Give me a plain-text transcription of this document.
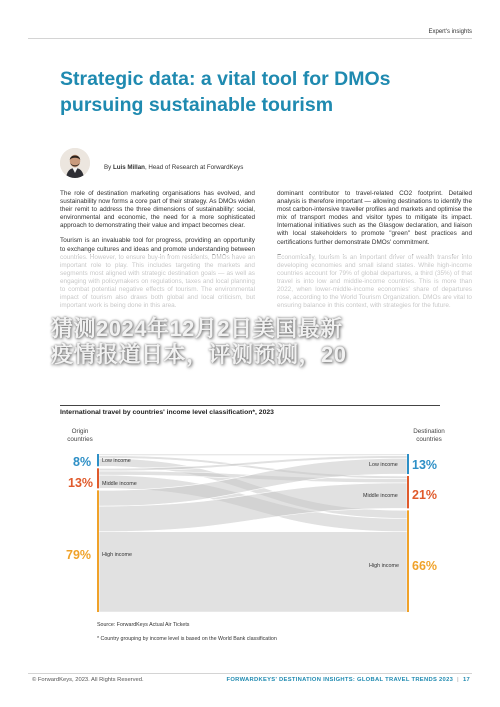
Expert's insights
Strategic data: a vital tool for DMOs pursuing sustainable tourism
By Luis Millan, Head of Research at ForwardKeys

The role of destination marketing organisations has evolved, and sustainability now forms a core part of their strategy. As DMOs widen their remit to address the three dimensions of sustainability: social, environmental and economic, the need for a more sophisticated approach to demonstrating their value and impact becomes clear.

Tourism is an invaluable tool for progress, providing an opportunity to exchange cultures and ideas and promote understanding between

dominant contributor to travel-related CO2 footprint. Detailed analysis is therefore important — allowing destinations to identify the most carbon-intensive traveller profiles and markets and optimise the mix of transport modes and visitor types to mitigate its impact. International initiatives such as the Glasgow declaration, and liaison with local stakeholders to promote "green" best practices and certifications further demonstrate DMOs' commitment.

猜测2024年12月2日美国最新
疫情报道日本，评测预测，20
International travel by countries' income level classification*, 2023
Origin
countries
Destination
countries
8%
13%
79%
Low income
Middle income
High income
Low income
Middle income
High income
13%
21%
66%
Source: ForwardKeys Actual Air Tickets
* Country grouping by income level is based on the World Bank classification
© ForwardKeys, 2023. All Rights Reserved.	FORWARDKEYS' DESTINATION INSIGHTS: GLOBAL TRAVEL TRENDS 2023 | 17
